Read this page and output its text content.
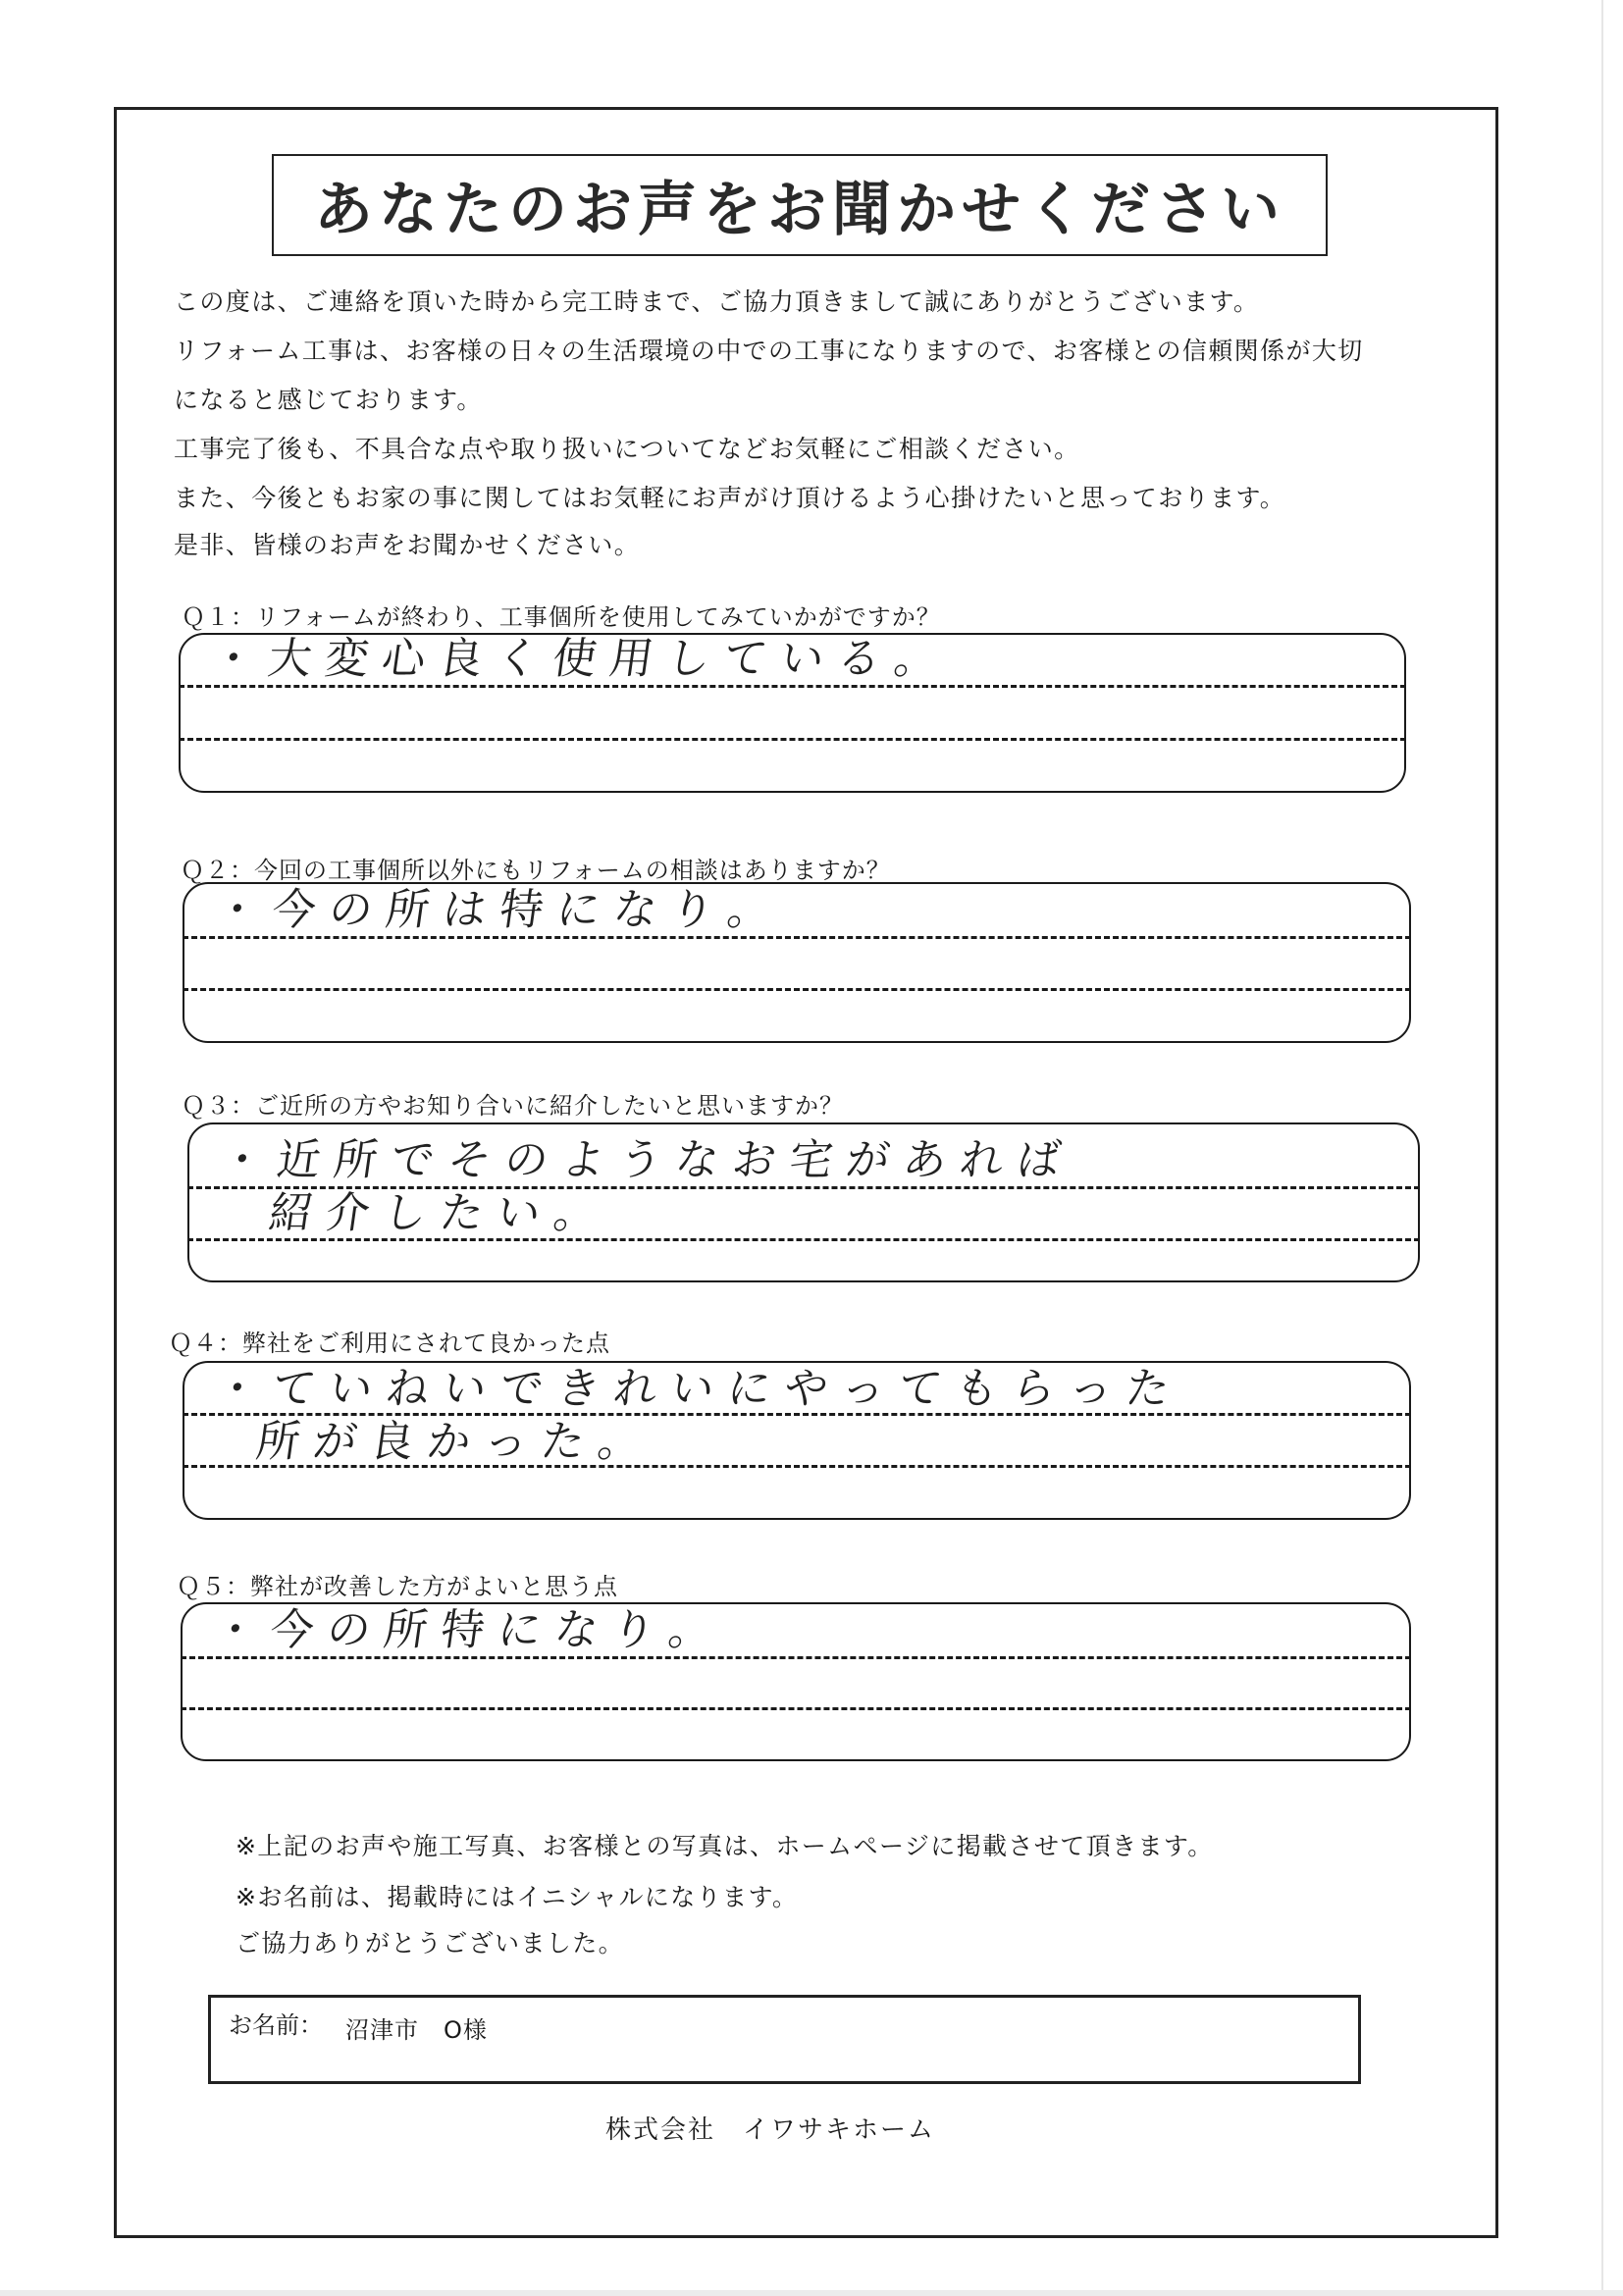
あなたのお声をお聞かせください
この度は、ご連絡を頂いた時から完工時まで、ご協力頂きまして誠にありがとうございます。
リフォーム工事は、お客様の日々の生活環境の中での工事になりますので、お客様との信頼関係が大切
になると感じております。
工事完了後も、不具合な点や取り扱いについてなどお気軽にご相談ください。
また、今後ともお家の事に関してはお気軽にお声がけ頂けるよう心掛けたいと思っております。
是非、皆様のお声をお聞かせください。
Ｑ１：リフォームが終わり、工事個所を使用してみていかがですか？
・大変心良く使用している。
Ｑ２：今回の工事個所以外にもリフォームの相談はありますか？
・今の所は特になり。
Ｑ３：ご近所の方やお知り合いに紹介したいと思いますか？
・近所でそのようなお宅があれば
紹介したい。
Ｑ４：弊社をご利用にされて良かった点
・ていねいできれいにやってもらった
所が良かった。
Ｑ５：弊社が改善した方がよいと思う点
・今の所特になり。
※上記のお声や施工写真、お客様との写真は、ホームページに掲載させて頂きます。
※お名前は、掲載時にはイニシャルになります。
ご協力ありがとうございました。
お名前： 沼津市　O様
株式会社　イワサキホーム
